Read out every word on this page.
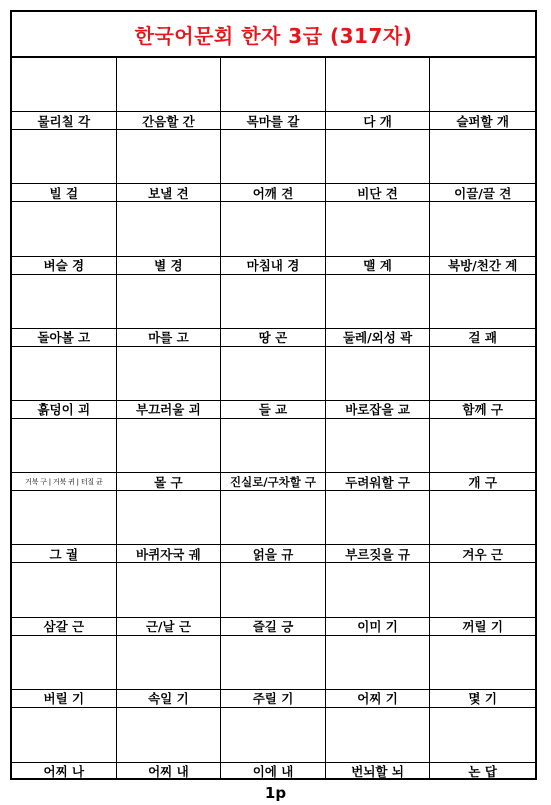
한국어문회 한자 3급 (317자)
물리칠 각	간음할 간	목마를 갈	다 개	슬퍼할 개
빌 걸	보낼 견	어깨 견	비단 견	이끌/끌 견
벼슬 경	별 경	마침내 경	맬 계	북방/천간 계
돌아볼 고	마를 고	땅 곤	둘레/외성 곽	걸 괘
흙덩이 괴	부끄러울 괴	들 교	바로잡을 교	함께 구
거북 구 | 거북 귀 | 터질 균	몰 구	진실로/구차할 구	두려워할 구	개 구
그 궐	바퀴자국 궤	얽을 규	부르짖을 규	겨우 근
삼갈 근	근/날 근	즐길 긍	이미 기	꺼릴 기
버릴 기	속일 기	주릴 기	어찌 기	몇 기
어찌 나	어찌 내	이에 내	번뇌할 뇌	논 답
1p
